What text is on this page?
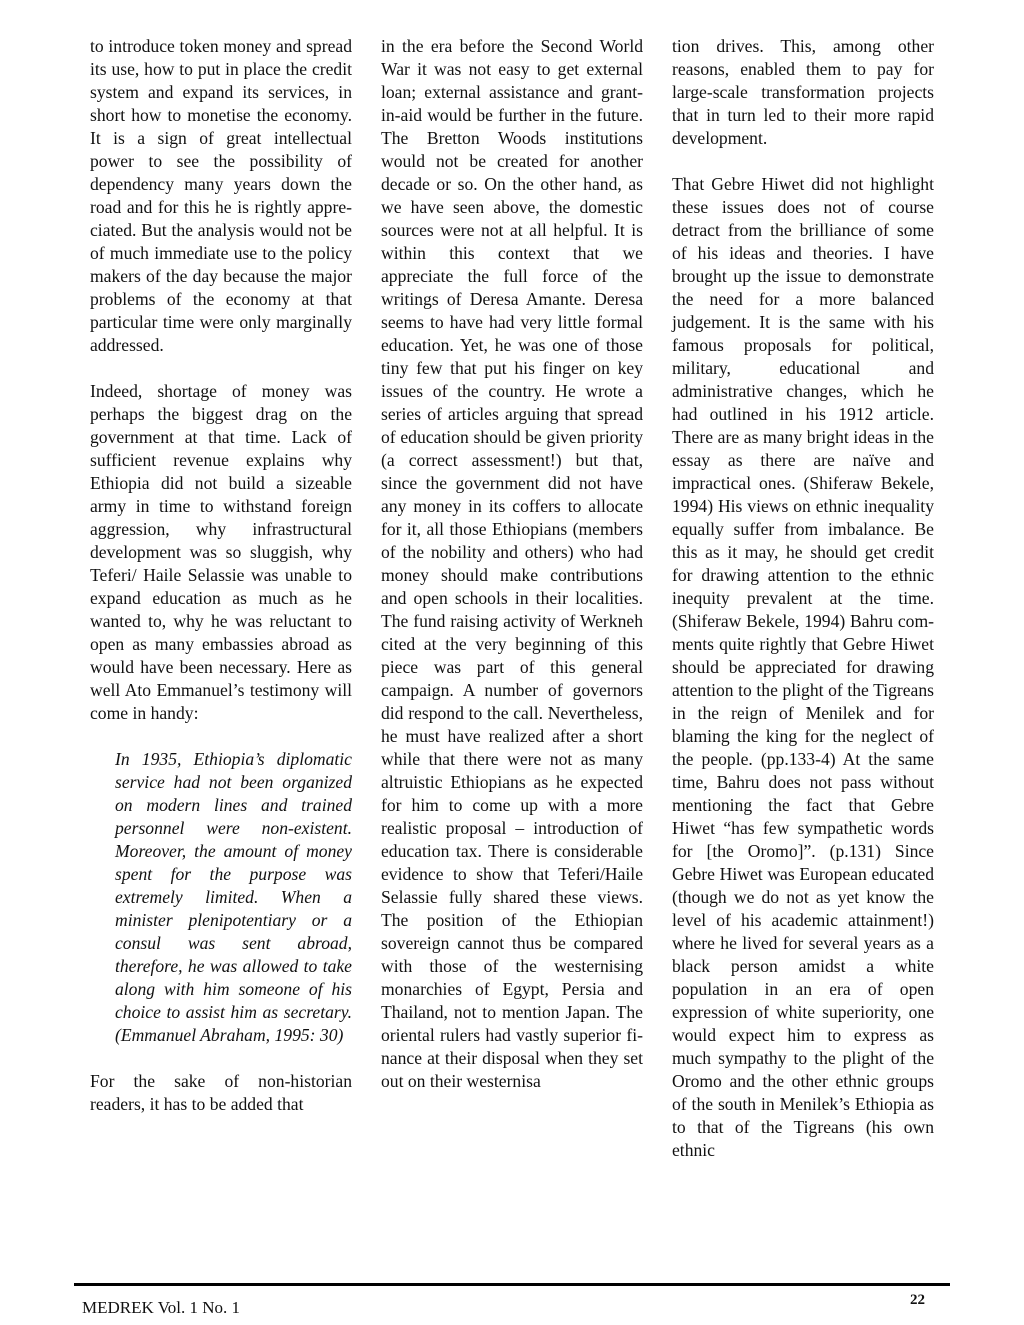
to introduce token money and spread its use, how to put in place the credit system and expand its services, in short how to monetise the economy. It is a sign of great intellectual power to see the possibility of dependency many years down the road and for this he is rightly appreciated. But the analysis would not be of much immediate use to the policy makers of the day because the major problems of the economy at that particular time were only marginally addressed.

Indeed, shortage of money was perhaps the biggest drag on the government at that time. Lack of sufficient revenue explains why Ethiopia did not build a sizeable army in time to withstand foreign aggression, why infrastructural development was so sluggish, why Teferi/ Haile Selassie was unable to expand education as much as he wanted to, why he was reluctant to open as many embassies abroad as would have been necessary. Here as well Ato Emmanuel’s testimony will come in handy:

In 1935, Ethiopia’s diplomatic service had not been organized on modern lines and trained personnel were non-existent. Moreover, the amount of money spent for the purpose was extremely limited. When a minister plenipotentiary or a consul was sent abroad, therefore, he was allowed to take along with him someone of his choice to assist him as secretary. (Emmanuel Abraham, 1995: 30)

For the sake of non-historian readers, it has to be added that

in the era before the Second World War it was not easy to get external loan; external assistance and grant-in-aid would be further in the future. The Bretton Woods institutions would not be created for another decade or so. On the other hand, as we have seen above, the domestic sources were not at all helpful. It is within this context that we appreciate the full force of the writings of Deresa Amante. Deresa seems to have had very little formal education. Yet, he was one of those tiny few that put his finger on key issues of the country. He wrote a series of articles arguing that spread of education should be given priority (a correct assessment!) but that, since the government did not have any money in its coffers to allocate for it, all those Ethiopians (members of the nobility and others) who had money should make contributions and open schools in their localities. The fund raising activity of Werkneh cited at the very beginning of this piece was part of this general campaign. A number of governors did respond to the call. Nevertheless, he must have realized after a short while that there were not as many altruistic Ethiopians as he expected for him to come up with a more realistic proposal – introduction of education tax. There is considerable evidence to show that Teferi/Haile Selassie fully shared these views. The position of the Ethiopian sovereign cannot thus be compared with those of the westernising monarchies of Egypt, Persia and Thailand, not to mention Japan. The oriental rulers had vastly superior finance at their disposal when they set out on their westernisa

tion drives. This, among other reasons, enabled them to pay for large-scale transformation projects that in turn led to their more rapid development.

That Gebre Hiwet did not highlight these issues does not of course detract from the brilliance of some of his ideas and theories. I have brought up the issue to demonstrate the need for a more balanced judgement. It is the same with his famous proposals for political, military, educational and administrative changes, which he had outlined in his 1912 article. There are as many bright ideas in the essay as there are naïve and impractical ones. (Shiferaw Bekele, 1994) His views on ethnic inequality equally suffer from imbalance. Be this as it may, he should get credit for drawing attention to the ethnic inequity prevalent at the time. (Shiferaw Bekele, 1994) Bahru comments quite rightly that Gebre Hiwet should be appreciated for drawing attention to the plight of the Tigreans in the reign of Menilek and for blaming the king for the neglect of the people. (pp.133-4) At the same time, Bahru does not pass without mentioning the fact that Gebre Hiwet “has few sympathetic words for [the Oromo]”. (p.131) Since Gebre Hiwet was European educated (though we do not as yet know the level of his academic attainment!) where he lived for several years as a black person amidst a white population in an era of open expression of white superiority, one would expect him to express as much sympathy to the plight of the Oromo and the other ethnic groups of the south in Menilek’s Ethiopia as to that of the Tigreans (his own ethnic

MEDREK Vol. 1 No. 1	22
